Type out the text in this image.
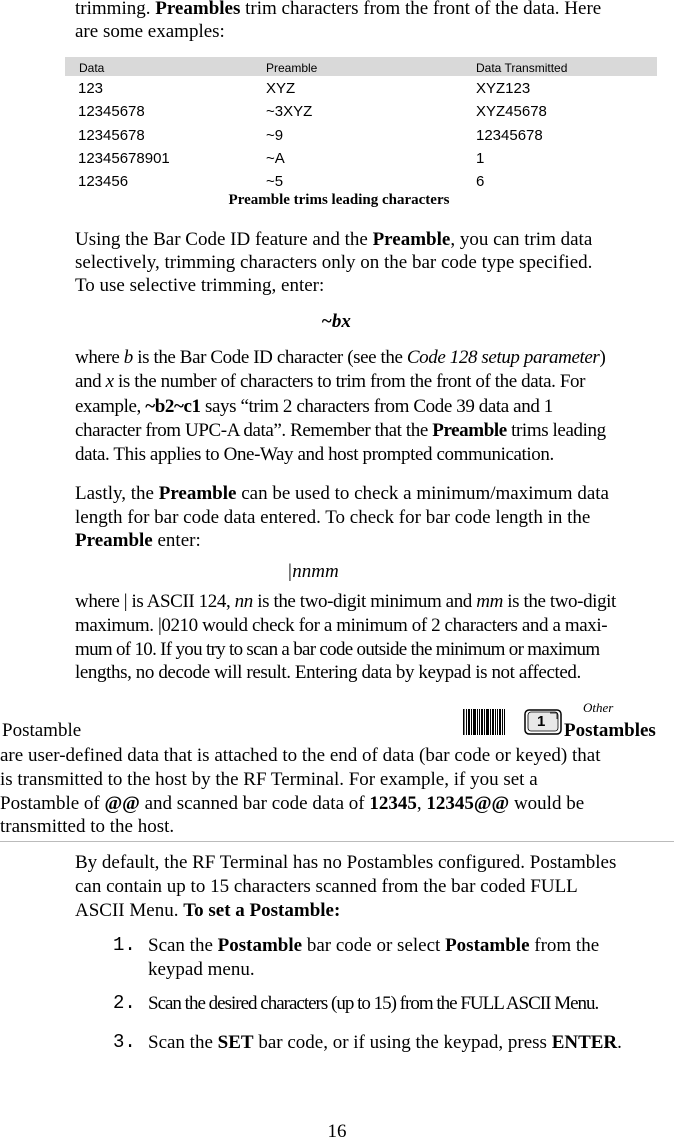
trimming. Preambles trim characters from the front of the data. Here
are some examples:
Data	Preamble	Data Transmitted
123	XYZ	XYZ123
12345678	~3XYZ	XYZ45678
12345678	~9	12345678
12345678901	~A	1
123456	~5	6
Preamble trims leading characters
Using the Bar Code ID feature and the Preamble, you can trim data
selectively, trimming characters only on the bar code type specified.
To use selective trimming, enter:
~bx
where b is the Bar Code ID character (see the Code 128 setup parameter)
and x is the number of characters to trim from the front of the data. For
example, ~b2~c1 says “trim 2 characters from Code 39 data and 1
character from UPC-A data”. Remember that the Preamble trims leading
data. This applies to One-Way and host prompted communication.
Lastly, the Preamble can be used to check a minimum/maximum data
length for bar code data entered. To check for bar code length in the
Preamble enter:
|nnmm
where | is ASCII 124, nn is the two-digit minimum and mm is the two-digit
maximum. |0210 would check for a minimum of 2 characters and a maxi-
mum of 10. If you try to scan a bar code outside the minimum or maximum
lengths, no decode will result. Entering data by keypad is not affected.
Postamble	1
Other
Postambles
are user-defined data that is attached to the end of data (bar code or keyed) that
is transmitted to the host by the RF Terminal. For example, if you set a
Postamble of @@ and scanned bar code data of 12345, 12345@@ would be
transmitted to the host.
By default, the RF Terminal has no Postambles configured. Postambles
can contain up to 15 characters scanned from the bar coded FULL
ASCII Menu. To set a Postamble:
1. Scan the Postamble bar code or select Postamble from the
keypad menu.
2. Scan the desired characters (up to 15) from the FULL ASCII Menu.
3. Scan the SET bar code, or if using the keypad, press ENTER.
16
